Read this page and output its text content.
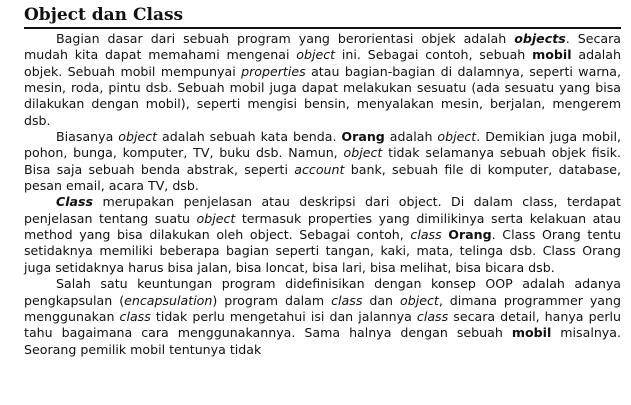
Object dan Class

Bagian dasar dari sebuah program yang berorientasi objek adalah objects. Secara mudah kita dapat memahami mengenai object ini. Sebagai contoh, sebuah mobil adalah objek. Sebuah mobil mempunyai properties atau bagian-bagian di dalamnya, seperti warna, mesin, roda, pintu dsb. Sebuah mobil juga dapat melakukan sesuatu (ada sesuatu yang bisa dilakukan dengan mobil), seperti mengisi bensin, menyalakan mesin, berjalan, mengerem dsb.

Biasanya object adalah sebuah kata benda. Orang adalah object. Demikian juga mobil, pohon, bunga, komputer, TV, buku dsb. Namun, object tidak selamanya sebuah objek fisik. Bisa saja sebuah benda abstrak, seperti account bank, sebuah file di komputer, database, pesan email, acara TV, dsb.

Class merupakan penjelasan atau deskripsi dari object. Di dalam class, terdapat penjelasan tentang suatu object termasuk properties yang dimilikinya serta kelakuan atau method yang bisa dilakukan oleh object. Sebagai contoh, class Orang. Class Orang tentu setidaknya memiliki beberapa bagian seperti tangan, kaki, mata, telinga dsb. Class Orang juga setidaknya harus bisa jalan, bisa loncat, bisa lari, bisa melihat, bisa bicara dsb.

Salah satu keuntungan program didefinisikan dengan konsep OOP adalah adanya pengkapsulan (encapsulation) program dalam class dan object, dimana programmer yang menggunakan class tidak perlu mengetahui isi dan jalannya class secara detail, hanya perlu tahu bagaimana cara menggunakannya. Sama halnya dengan sebuah mobil misalnya. Seorang pemilik mobil tentunya tidak
